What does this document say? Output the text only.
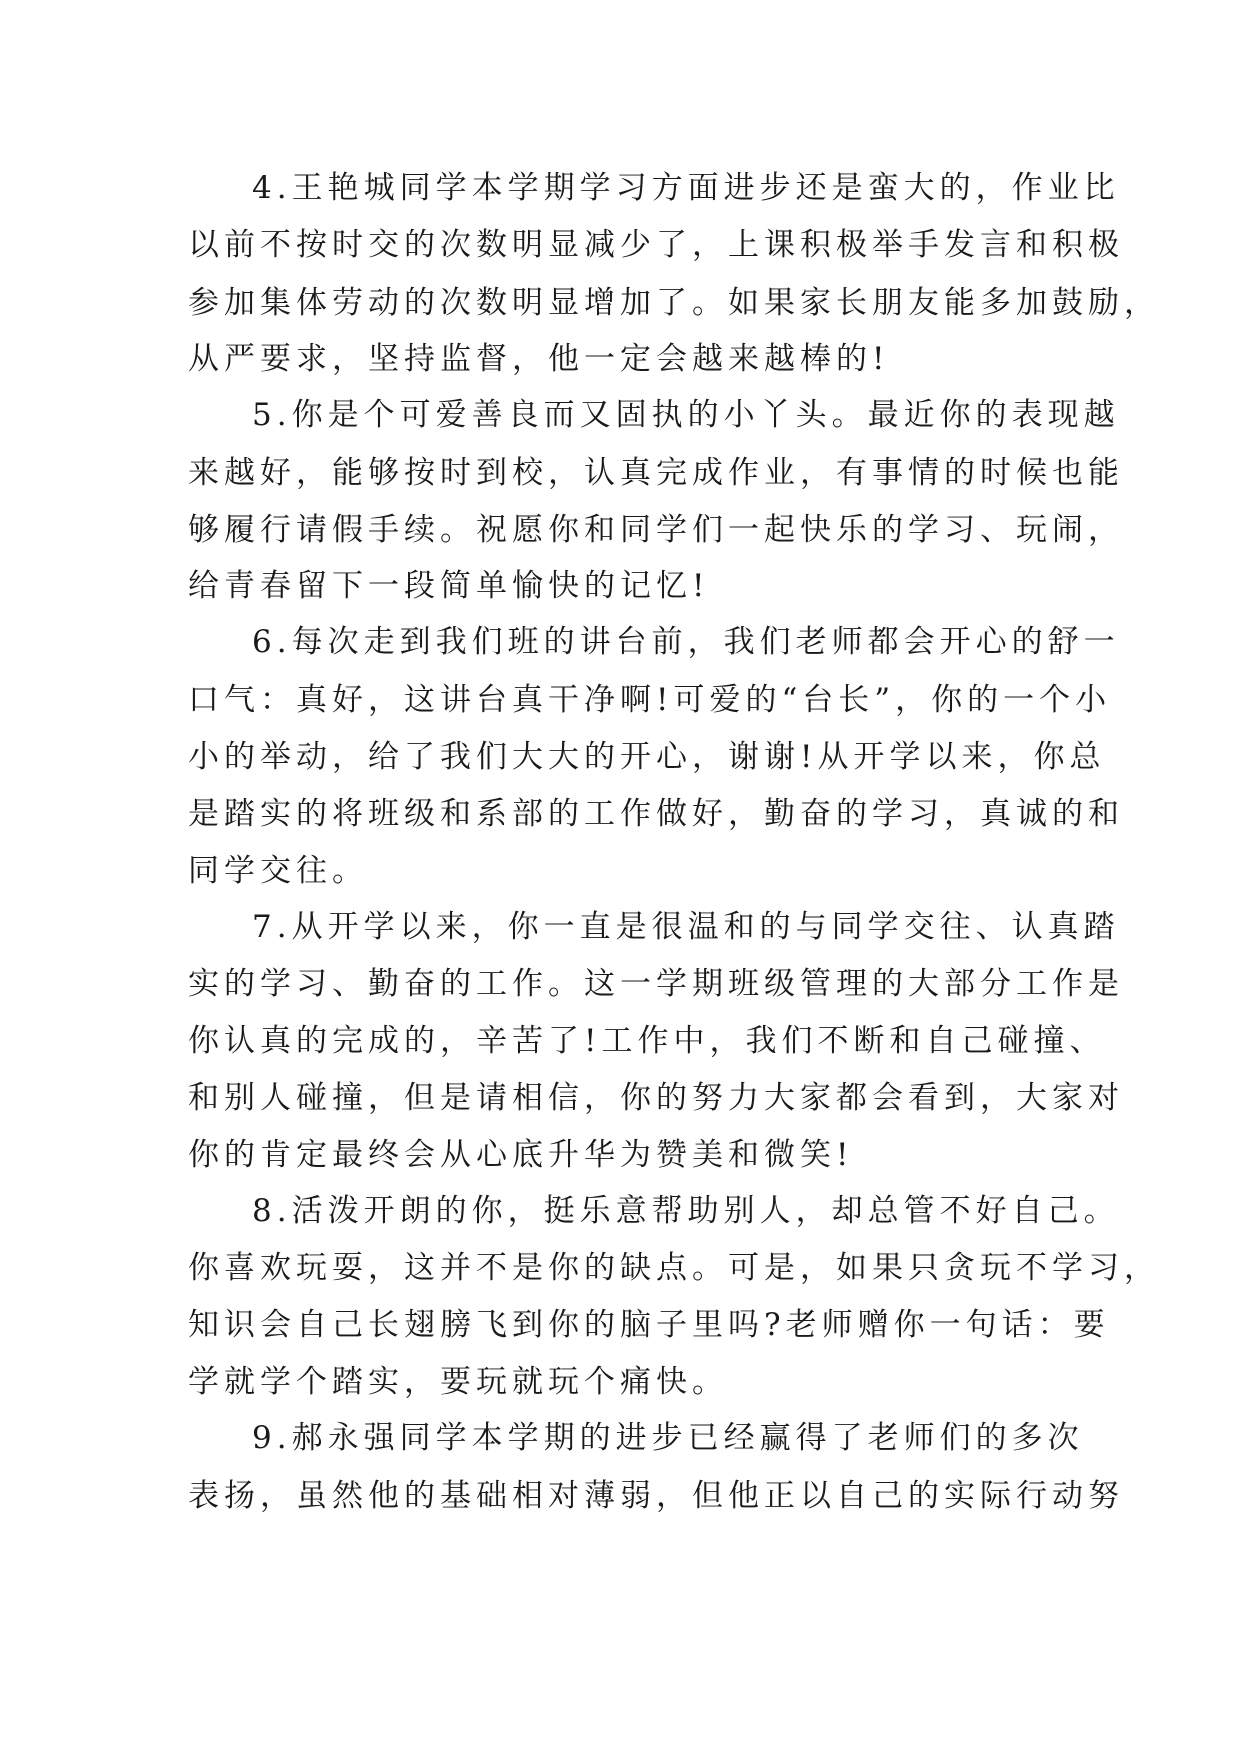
4.王艳城同学本学期学习方面进步还是蛮大的，作业比
以前不按时交的次数明显减少了，上课积极举手发言和积极
参加集体劳动的次数明显增加了。如果家长朋友能多加鼓励，
从严要求，坚持监督，他一定会越来越棒的!
5.你是个可爱善良而又固执的小丫头。最近你的表现越
来越好，能够按时到校，认真完成作业，有事情的时候也能
够履行请假手续。祝愿你和同学们一起快乐的学习、玩闹，
给青春留下一段简单愉快的记忆!
6.每次走到我们班的讲台前，我们老师都会开心的舒一
口气：真好，这讲台真干净啊!可爱的“台长”，你的一个小
小的举动，给了我们大大的开心，谢谢!从开学以来，你总
是踏实的将班级和系部的工作做好，勤奋的学习，真诚的和
同学交往。
7.从开学以来，你一直是很温和的与同学交往、认真踏
实的学习、勤奋的工作。这一学期班级管理的大部分工作是
你认真的完成的，辛苦了!工作中，我们不断和自己碰撞、
和别人碰撞，但是请相信，你的努力大家都会看到，大家对
你的肯定最终会从心底升华为赞美和微笑!
8.活泼开朗的你，挺乐意帮助别人，却总管不好自己。
你喜欢玩耍，这并不是你的缺点。可是，如果只贪玩不学习，
知识会自己长翅膀飞到你的脑子里吗?老师赠你一句话：要
学就学个踏实，要玩就玩个痛快。
9.郝永强同学本学期的进步已经赢得了老师们的多次
表扬，虽然他的基础相对薄弱，但他正以自己的实际行动努
